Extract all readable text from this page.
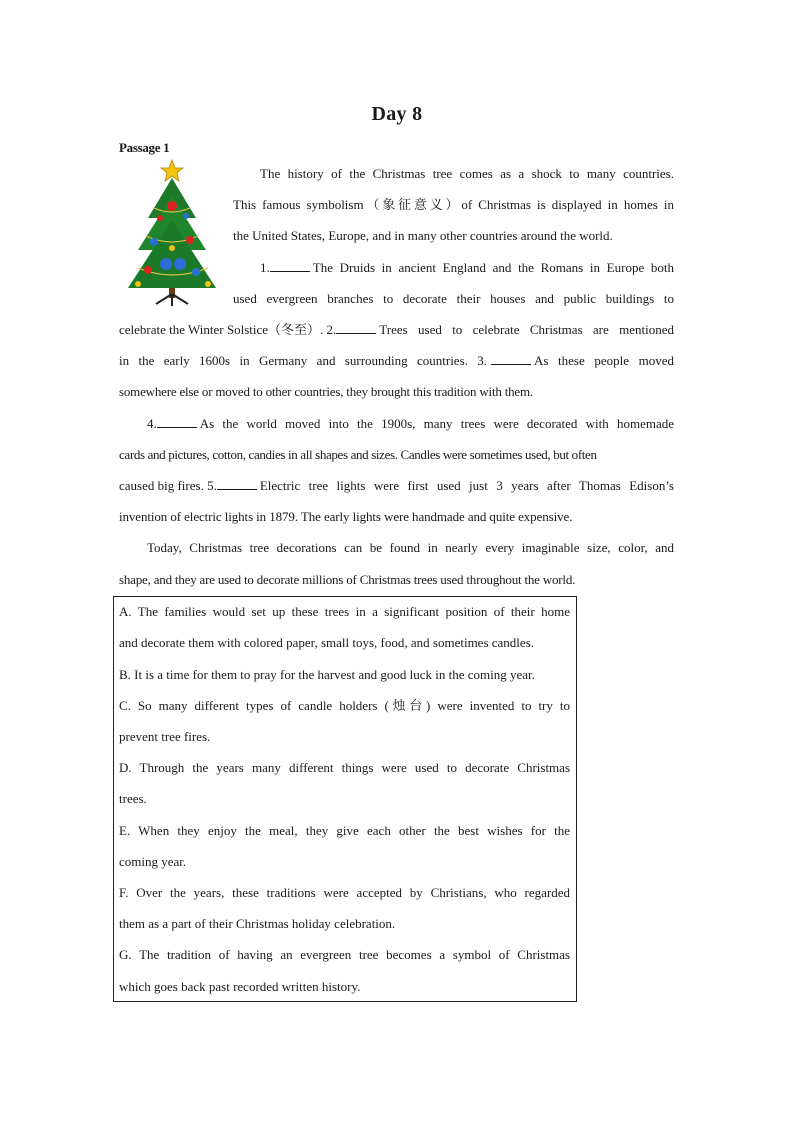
Day 8
Passage 1
The history of the Christmas tree comes as a shock to many countries.
This famous symbolism（象征意义）of Christmas is displayed in homes in
the United States, Europe, and in many other countries around the world.
1.	The Druids in ancient England and the Romans in Europe both
used evergreen branches to decorate their houses and public buildings to
celebrate the Winter Solstice（冬至）. 2.	Trees used to celebrate Christmas are mentioned
in the early 1600s in Germany and surrounding countries. 3.	As these people moved
somewhere else or moved to other countries, they brought this tradition with them.
4.	As the world moved into the 1900s, many trees were decorated with homemade
cards and pictures, cotton, candies in all shapes and sizes. Candles were sometimes used, but often
caused big fires. 5.	Electric tree lights were first used just 3 years after Thomas Edison’s
invention of electric lights in 1879. The early lights were handmade and quite expensive.
Today, Christmas tree decorations can be found in nearly every imaginable size, color, and
shape, and they are used to decorate millions of Christmas trees used throughout the world.
A. The families would set up these trees in a significant position of their home
and decorate them with colored paper, small toys, food, and sometimes candles.
B. It is a time for them to pray for the harvest and good luck in the coming year.
C. So many different types of candle holders (烛台) were invented to try to
prevent tree fires.
D. Through the years many different things were used to decorate Christmas
trees.
E. When they enjoy the meal, they give each other the best wishes for the
coming year.
F. Over the years, these traditions were accepted by Christians, who regarded
them as a part of their Christmas holiday celebration.
G. The tradition of having an evergreen tree becomes a symbol of Christmas
which goes back past recorded written history.
